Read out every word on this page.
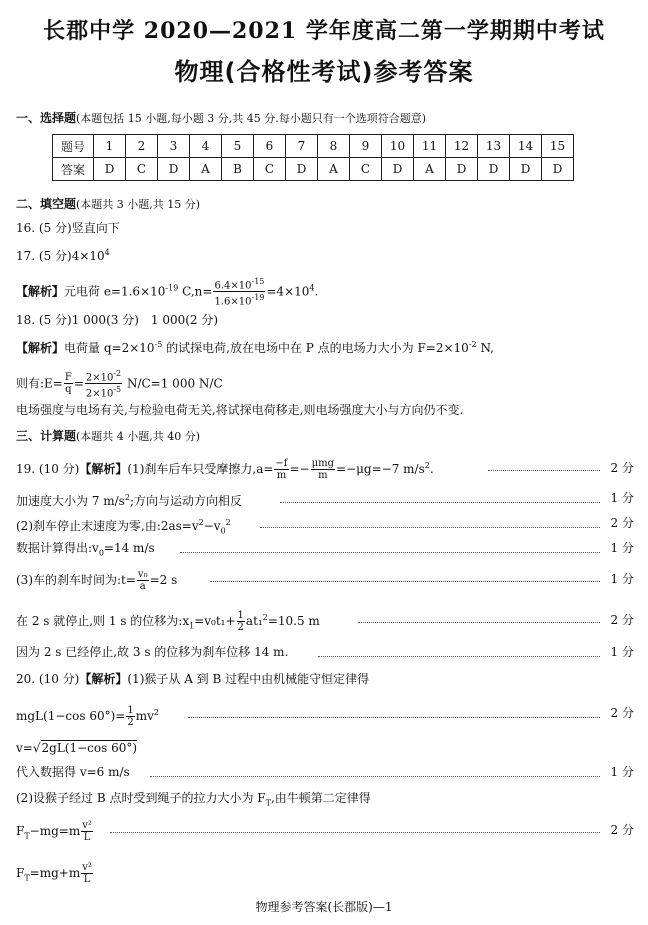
长郡中学 2020—2021 学年度高二第一学期期中考试
物理(合格性考试)参考答案
一、选择题(本题包括 15 小题,每小题 3 分,共 45 分.每小题只有一个选项符合题意)
题号	1	2	3	4	5	6	7	8	9	10	11	12	13	14	15
答案	D	C	D	A	B	C	D	A	C	D	A	D	D	D	D
二、填空题(本题共 3 小题,共 15 分)
16. (5 分)竖直向下
17. (5 分)$4\times 10^4$
【解析】元电荷 $e=1.6\times 10^{-19}$ $C,n= \frac{6.4\times 10^{-15}}{1.6\times 10^{-19}} =4\times 10^4$.
18. (5 分)1 000(3 分)　1 000(2 分)
【解析】电荷量 $q=2\times 10^{-5}$ 的试探电荷,放在电场中在 P 点的电场力大小为 $F=2\times 10^{-2}$ N,
则有:E= $\frac{F}{q} = \frac{2\times 10^{-2}}{2\times 10^{-5}} N/C=1$ 000 N/C
电场强度与电场有关,与检验电荷无关,将试探电荷移走,则电场强度大小与方向仍不变.
三、计算题(本题共 4 小题,共 40 分)
19. (10 分)【解析】(1)刹车后车只受摩擦力$,a= \frac{-f}{m} =- \frac{\text{μmg}}{m} =-\mu g=-7$ $m/s^2$.	2 分
加速度大小为 7 $m/s^2$;方向与运动方向相反	1 分
(2)刹车停止末速度为零,由$:2as=v^2-v_0^2$	2 分
数据计算得出$:v_0=14$ m/s	1 分
(3)车的刹车时间为:t= $\frac{\text{v₀}}{a} =2$ s	1 分
在 2 s 就停止,则 1 s 的位移为$:x_1=v_0t_1+ \frac{1}{2} at_1^2=10.5$ m	2 分
因为 2 s 已经停止,故 3 s 的位移为刹车位移 14 m.	1 分
20. (10 分)【解析】(1)猴子从 A 到 B 过程中由机械能守恒定律得
mgL(1−cos $60^\circ)= \frac{1}{2} mv^2$	2 分
v=√2gL(1−cos 60°)
代入数据得 v=6 m/s	1 分
(2)设猴子经过 B 点时受到绳子的拉力大小为 $F_T$,由牛顿第二定律得
$F_T-mg=m \frac{\text{v²}}{L}$	2 分
$F_T=mg+m \frac{\text{v²}}{L}$
物理参考答案(长郡版)—1
